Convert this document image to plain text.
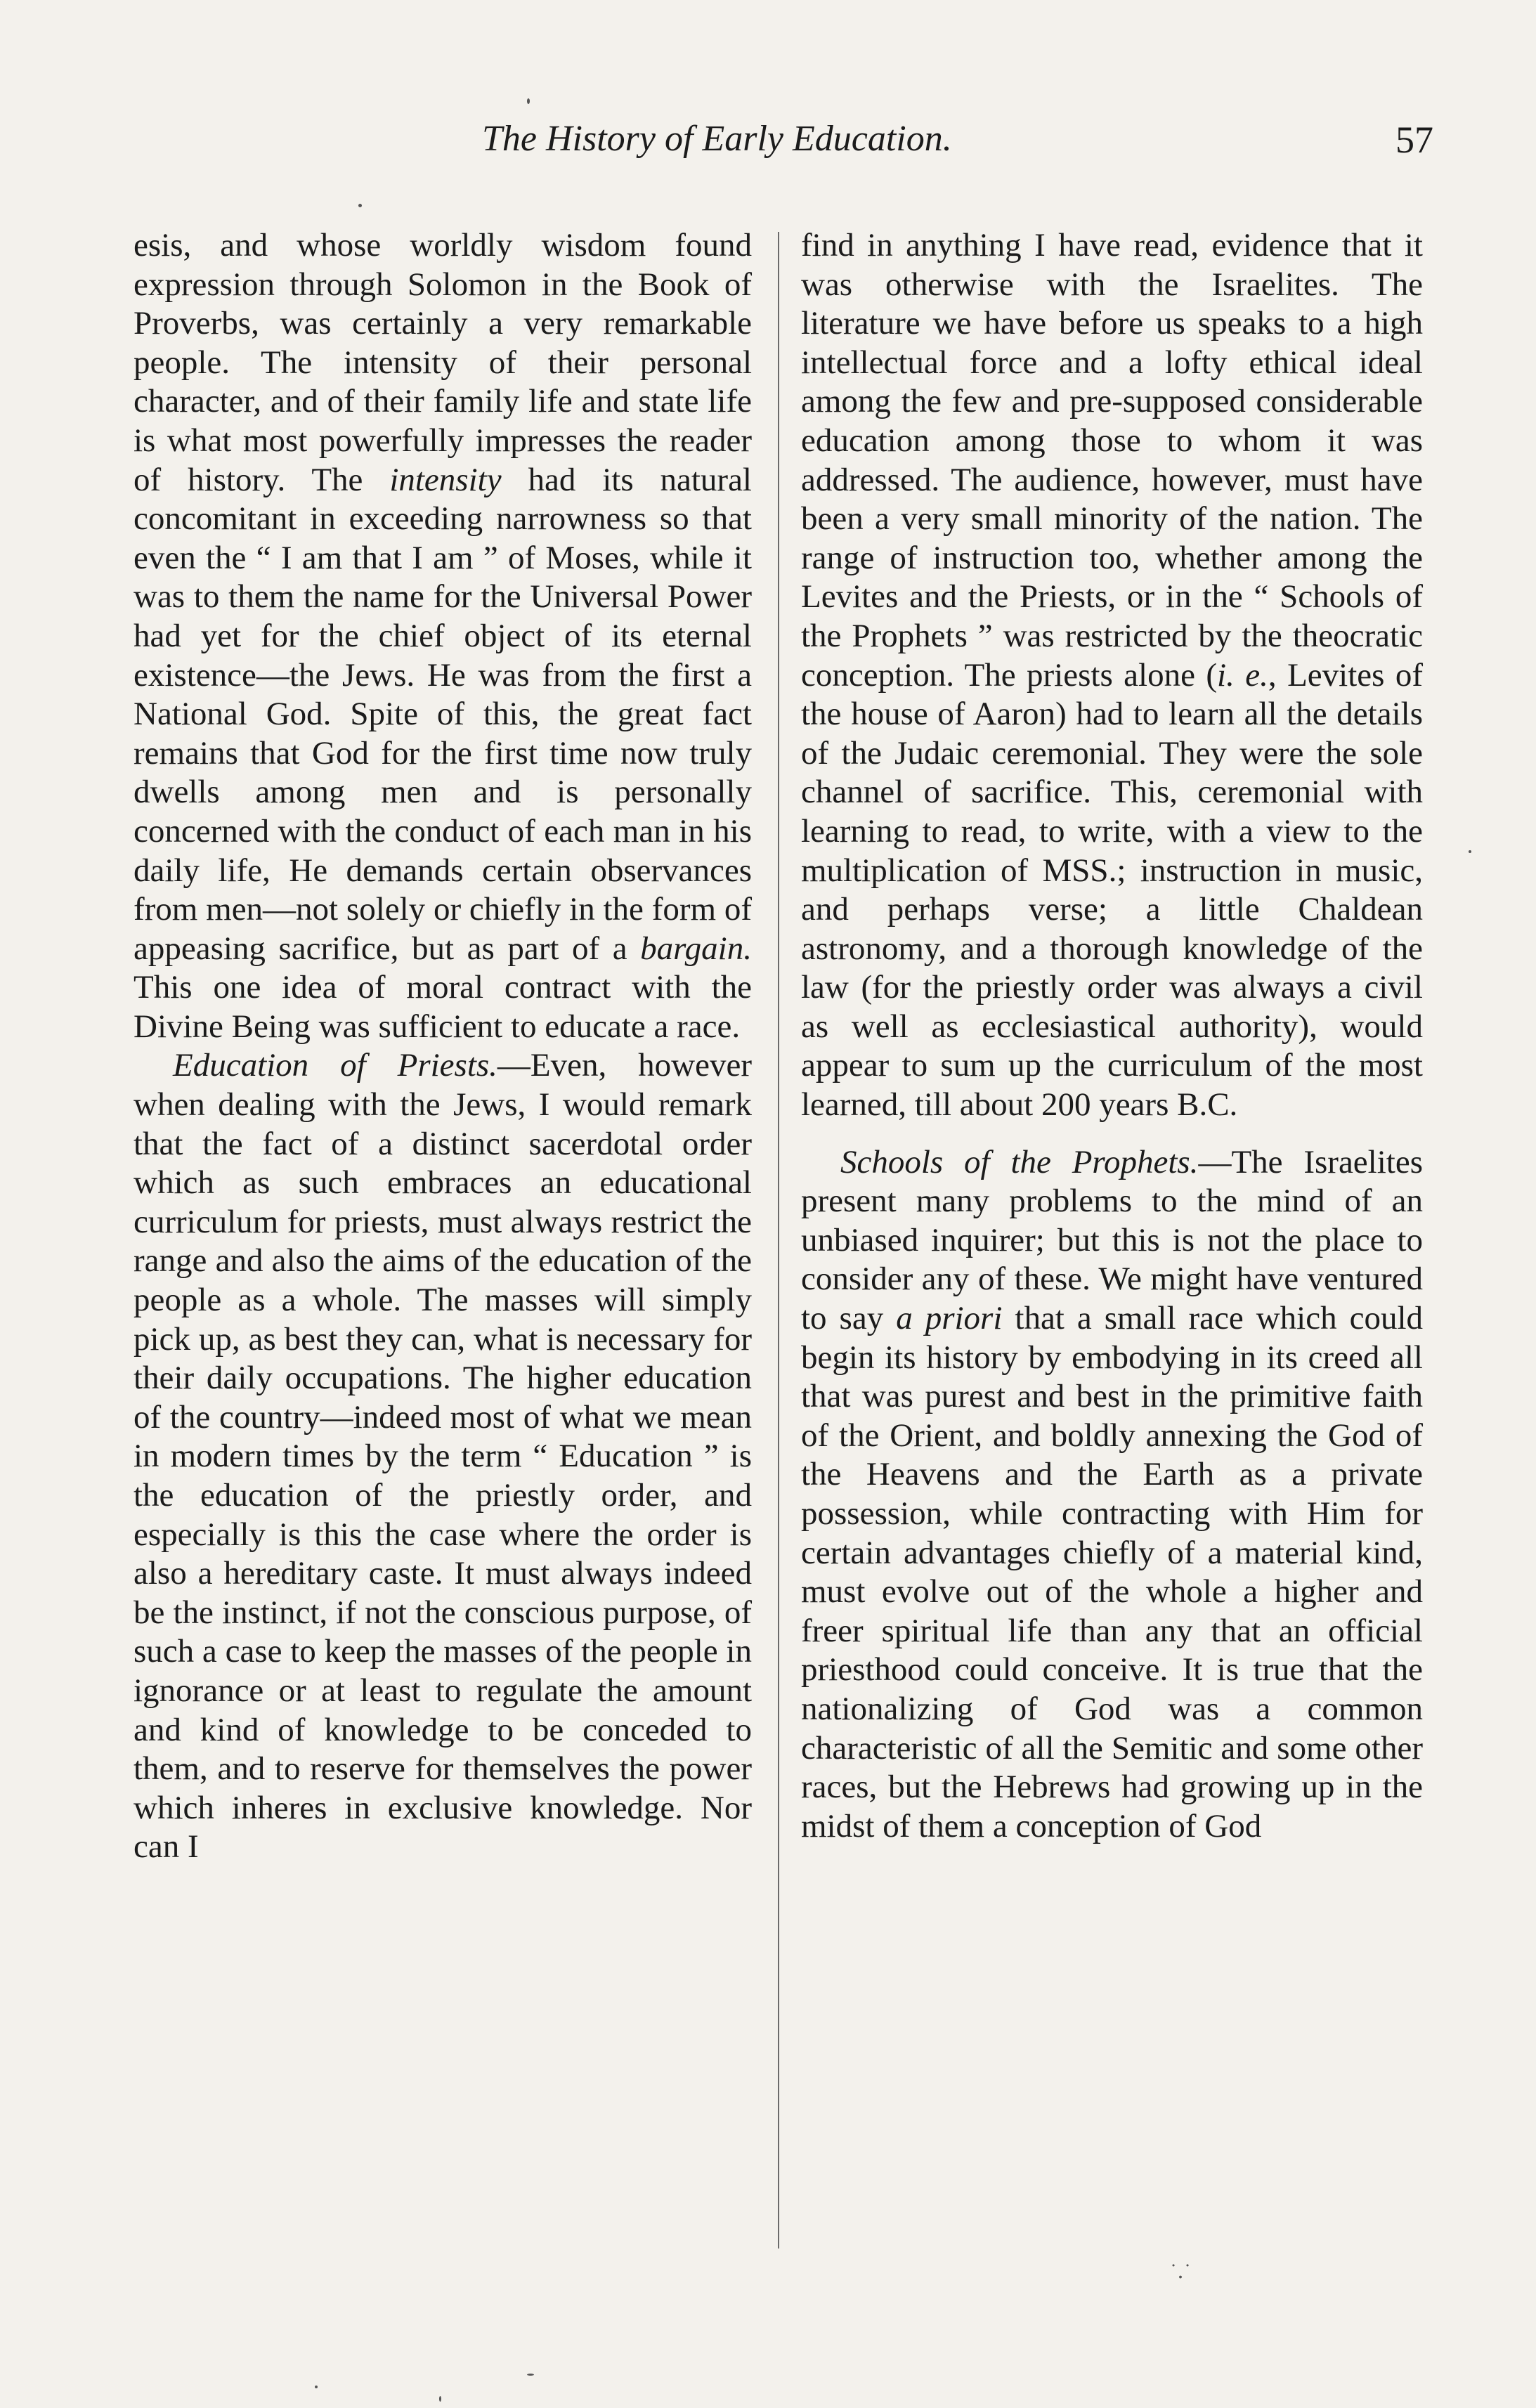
The History of Early Education.	57

esis, and whose worldly wisdom found expression through Solomon in the Book of Proverbs, was certainly a very remarkable people. The intensity of their personal character, and of their family life and state life is what most powerfully impresses the reader of history. The intensity had its natural concomitant in exceeding narrowness so that even the “ I am that I am ” of Moses, while it was to them the name for the Universal Power had yet for the chief object of its eternal existence—the Jews. He was from the first a National God. Spite of this, the great fact remains that God for the first time now truly dwells among men and is personally concerned with the conduct of each man in his daily life, He demands certain observances from men—not solely or chiefly in the form of appeasing sacrifice, but as part of a bargain. This one idea of moral contract with the Divine Being was sufficient to educate a race.

Education of Priests.—Even, however when dealing with the Jews, I would remark that the fact of a distinct sacerdotal order which as such embraces an educational curriculum for priests, must always restrict the range and also the aims of the education of the people as a whole. The masses will simply pick up, as best they can, what is necessary for their daily occupations. The higher education of the country—indeed most of what we mean in modern times by the term “ Education ” is the education of the priestly order, and especially is this the case where the order is also a hereditary caste. It must always indeed be the instinct, if not the conscious purpose, of such a case to keep the masses of the people in ignorance or at least to regulate the amount and kind of knowledge to be conceded to them, and to reserve for themselves the power which inheres in exclusive knowledge. Nor can I

find in anything I have read, evidence that it was otherwise with the Israelites. The literature we have before us speaks to a high intellectual force and a lofty ethical ideal among the few and pre-supposed considerable education among those to whom it was addressed. The audience, however, must have been a very small minority of the nation. The range of instruction too, whether among the Levites and the Priests, or in the “ Schools of the Prophets ” was restricted by the theocratic conception. The priests alone (i. e., Levites of the house of Aaron) had to learn all the details of the Judaic ceremonial. They were the sole channel of sacrifice. This, ceremonial with learning to read, to write, with a view to the multiplication of MSS.; instruction in music, and perhaps verse; a little Chaldean astronomy, and a thorough knowledge of the law (for the priestly order was always a civil as well as ecclesiastical authority), would appear to sum up the curriculum of the most learned, till about 200 years B.C.

Schools of the Prophets.—The Israelites present many problems to the mind of an unbiased inquirer; but this is not the place to consider any of these. We might have ventured to say a priori that a small race which could begin its history by embodying in its creed all that was purest and best in the primitive faith of the Orient, and boldly annexing the God of the Heavens and the Earth as a private possession, while contracting with Him for certain advantages chiefly of a material kind, must evolve out of the whole a higher and freer spiritual life than any that an official priesthood could conceive. It is true that the nationalizing of God was a common characteristic of all the Semitic and some other races, but the Hebrews had growing up in the midst of them a conception of God

˙․˙
